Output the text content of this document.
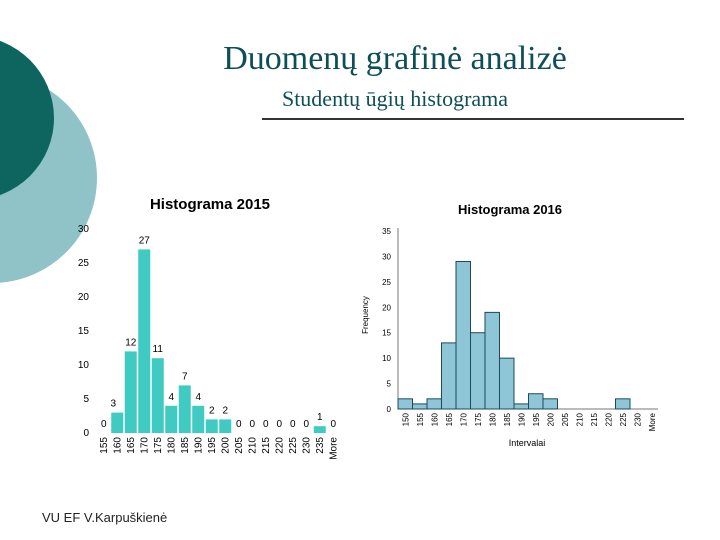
Duomenų grafinė analizė
Studentų ūgių histograma
Histograma 2015
0
5
10
15
20
25
30
0
3
12
27
11
4
7
4
2 2
0 0 0 0 0 0
1
0
155 160 165 170 175 180 185 190 195 200 205 210 215 220 225 230 235 More
Histograma 2016
Frequency
Intervalai
0
5
10
15
20
25
30
35
150 155 160 165 170 175 180 185 190 195 200 205 210 215 220 225 230 More
VU EF V.Karpuškienė
